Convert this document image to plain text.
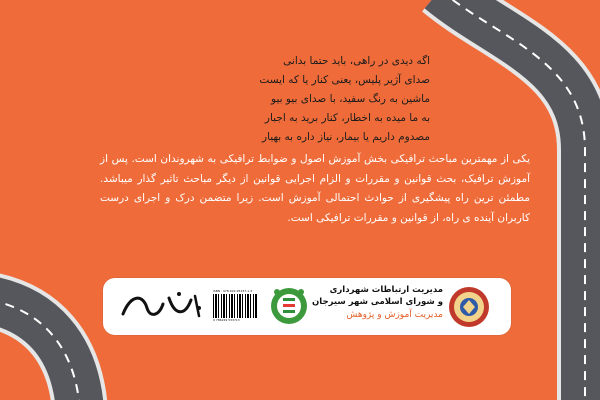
اگه دیدی در راهی، باید حتما بدانی
صدای آژیر پلیس، یعنی کنار یا که ایست
ماشین به رنگ سفید، با صدای بیو بیو
به ما میده به اخطار، کنار برید به اجبار
مصدوم داریم یا بیمار، نیاز داره به بهیار
یکی از مهمترین مباحث ترافیکی بخش آموزش اصول و ضوابط ترافیکی به شهروندان است. پس از آموزش ترافیک، بحث قوانین و مقررات و الزام اجرایی قوانین از دیگر مباحث تاثیر گذار میباشد. مطمئن ترین راه پیشگیری از حوادث احتمالی آموزش است. زیرا متضمن درک و اجرای درست کاربران آینده ی راه، از قوانین و مقررات ترافیکی است.
ISBN : 978-622-95337-1-3
9 786229 533713
مدیریت ارتباطات شهرداری
و شورای اسلامی شهر سیرجان
مدیریت آموزش و پژوهش
